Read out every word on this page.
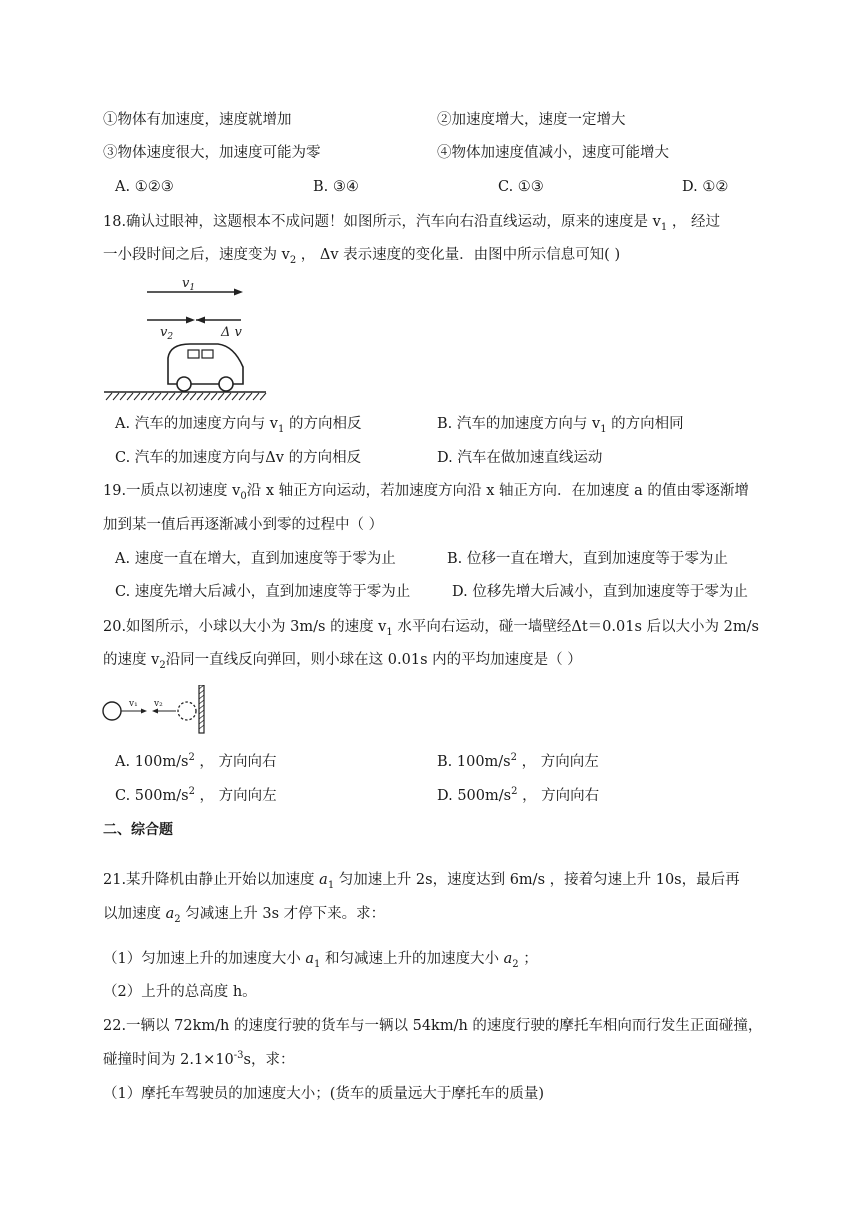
①物体有加速度，速度就增加	②加速度增大，速度一定增大
③物体速度很大，加速度可能为零	④物体加速度值减小，速度可能增大
A. ①②③	B. ③④	C. ①③	D. ①②
18.确认过眼神，这题根本不成问题！如图所示，汽车向右沿直线运动，原来的速度是 $v_1$ ， 经过
一小段时间之后，速度变为 $v_2$ ， Δv 表示速度的变化量．由图中所示信息可知( )
$v_1$
$v_2$	Δ v
A. 汽车的加速度方向与 $v_1$ 的方向相反	B. 汽车的加速度方向与 $v_1$ 的方向相同
C. 汽车的加速度方向与Δv 的方向相反	D. 汽车在做加速直线运动
19.一质点以初速度 $v_0$沿 x 轴正方向运动，若加速度方向沿 x 轴正方向．在加速度 a 的值由零逐渐增
加到某一值后再逐渐减小到零的过程中（ ）
A. 速度一直在增大，直到加速度等于零为止	B. 位移一直在增大，直到加速度等于零为止
C. 速度先增大后减小，直到加速度等于零为止	D. 位移先增大后减小，直到加速度等于零为止
20.如图所示，小球以大小为 3m/s 的速度 $v_1$ 水平向右运动，碰一墙壁经Δt＝0.01s 后以大小为 2m/s
的速度 $v_2$沿同一直线反向弹回，则小球在这 0.01s 内的平均加速度是（ ）
v₁ v₂
A. $100m/s^2$ ， 方向向右	B. $100m/s^2$ ， 方向向左
C. $500m/s^2$ ， 方向向左	D. $500m/s^2$ ， 方向向右
二、综合题
21.某升降机由静止开始以加速度 $a_1$ 匀加速上升 2s，速度达到 6m/s ，接着匀速上升 10s，最后再
以加速度 $a_2$ 匀减速上升 3s 才停下来。求：
（1）匀加速上升的加速度大小 $a_1$ 和匀减速上升的加速度大小 $a_2$ ；
（2）上升的总高度 h。
22.一辆以 72km/h 的速度行驶的货车与一辆以 54km/h 的速度行驶的摩托车相向而行发生正面碰撞，
碰撞时间为 $2.1\times 10^{-3}s$，求：
（1）摩托车驾驶员的加速度大小；(货车的质量远大于摩托车的质量)
